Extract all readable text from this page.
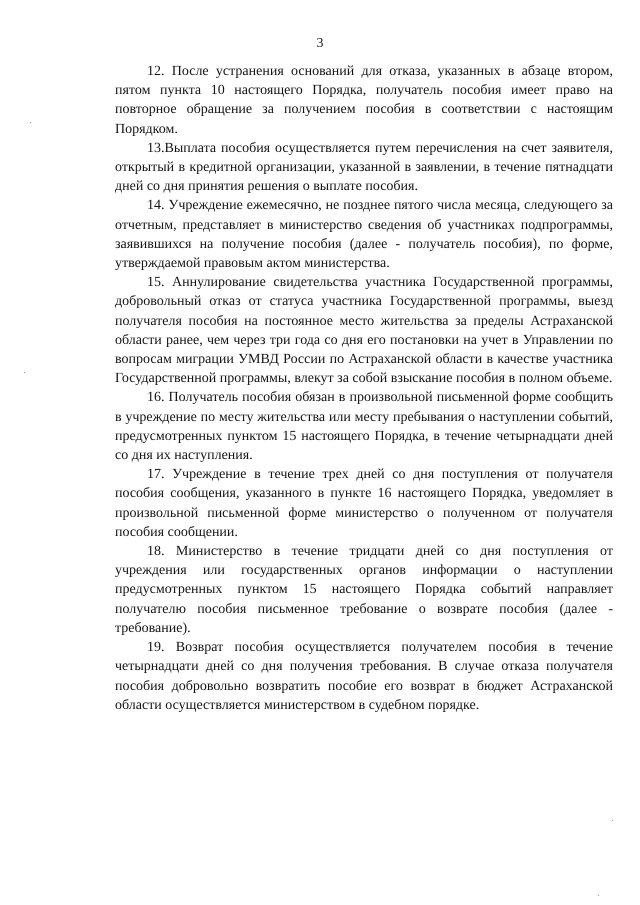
3

12. После устранения оснований для отказа, указанных в абзаце втором, пятом пункта 10 настоящего Порядка, получатель пособия имеет право на повторное обращение за получением пособия в соответствии с настоящим Порядком.

13.Выплата пособия осуществляется путем перечисления на счет заявителя, открытый в кредитной организации, указанной в заявлении, в течение пятнадцати дней со дня принятия решения о выплате пособия.

14. Учреждение ежемесячно, не позднее пятого числа месяца, следующего за отчетным, представляет в министерство сведения об участниках подпрограммы, заявившихся на получение пособия (далее - получатель пособия), по форме, утверждаемой правовым актом министерства.

15. Аннулирование свидетельства участника Государственной программы, добровольный отказ от статуса участника Государственной программы, выезд получателя пособия на постоянное место жительства за пределы Астраханской области ранее, чем через три года со дня его постановки на учет в Управлении по вопросам миграции УМВД России по Астраханской области в качестве участника Государственной программы, влекут за собой взыскание пособия в полном объеме.

16. Получатель пособия обязан в произвольной письменной форме сообщить в учреждение по месту жительства или месту пребывания о наступлении событий, предусмотренных пунктом 15 настоящего Порядка, в течение четырнадцати дней со дня их наступления.

17. Учреждение в течение трех дней со дня поступления от получателя пособия сообщения, указанного в пункте 16 настоящего Порядка, уведомляет в произвольной письменной форме министерство о полученном от получателя пособия сообщении.

18. Министерство в течение тридцати дней со дня поступления от учреждения или государственных органов информации о наступлении предусмотренных пунктом 15 настоящего Порядка событий направляет получателю пособия письменное требование о возврате пособия (далее - требование).

19. Возврат пособия осуществляется получателем пособия в течение четырнадцати дней со дня получения требования. В случае отказа получателя пособия добровольно возвратить пособие его возврат в бюджет Астраханской области осуществляется министерством в судебном порядке.
